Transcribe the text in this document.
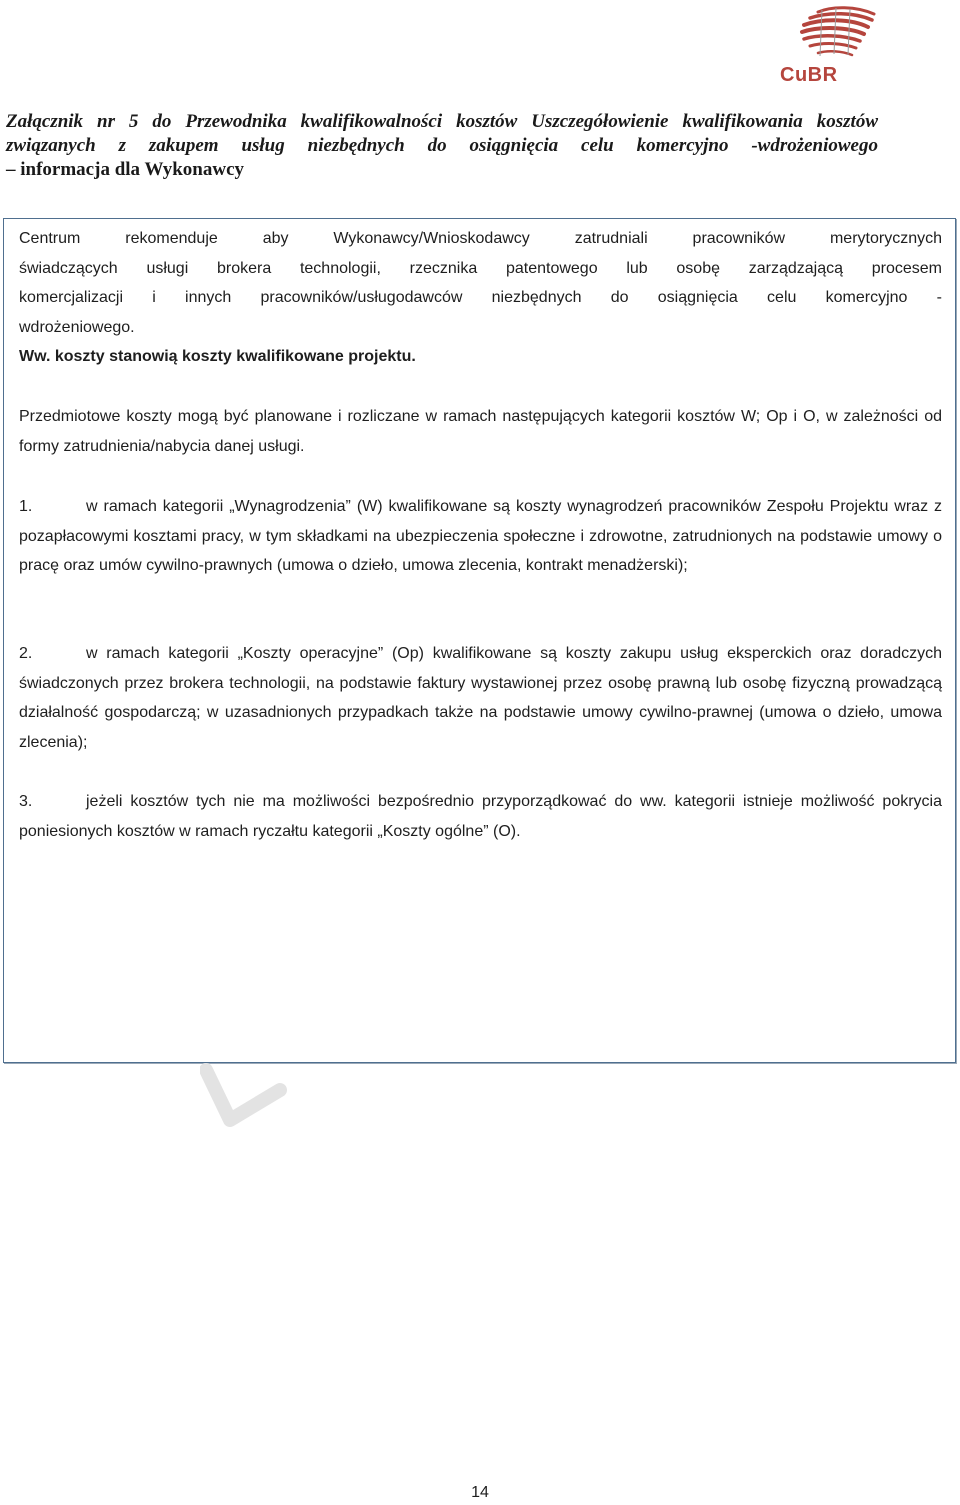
CuBR
Załącznik nr 5 do Przewodnika kwalifikowalności kosztów Uszczegółowienie kwalifikowania kosztów związanych z zakupem usług niezbędnych do osiągnięcia celu komercyjno -wdrożeniowego
– informacja dla Wykonawcy
Centrum rekomenduje aby Wykonawcy/Wnioskodawcy zatrudniali pracowników merytorycznych
świadczących usługi brokera technologii, rzecznika patentowego lub osobę zarządzającą procesem
komercjalizacji i innych pracowników/usługodawców niezbędnych do osiągnięcia celu komercyjno -
wdrożeniowego.
Ww. koszty stanowią koszty kwalifikowane projektu.
Przedmiotowe koszty mogą być planowane i rozliczane w ramach następujących kategorii kosztów W; Op i O, w zależności od formy zatrudnienia/nabycia danej usługi.
1.	w ramach kategorii „Wynagrodzenia” (W) kwalifikowane są koszty wynagrodzeń pracowników Zespołu Projektu wraz z pozapłacowymi kosztami pracy, w tym składkami na ubezpieczenia społeczne i zdrowotne, zatrudnionych na podstawie umowy o pracę oraz umów cywilno-prawnych (umowa o dzieło, umowa zlecenia, kontrakt menadżerski);
2.	w ramach kategorii „Koszty operacyjne” (Op) kwalifikowane są koszty zakupu usług eksperckich oraz doradczych świadczonych przez brokera technologii, na podstawie faktury wystawionej przez osobę prawną lub osobę fizyczną prowadzącą działalność gospodarczą; w uzasadnionych przypadkach także na podstawie umowy cywilno-prawnej (umowa o dzieło, umowa zlecenia);
3.	jeżeli kosztów tych nie ma możliwości bezpośrednio przyporządkować do ww. kategorii istnieje możliwość pokrycia poniesionych kosztów w ramach ryczałtu kategorii „Koszty ogólne” (O).
14
